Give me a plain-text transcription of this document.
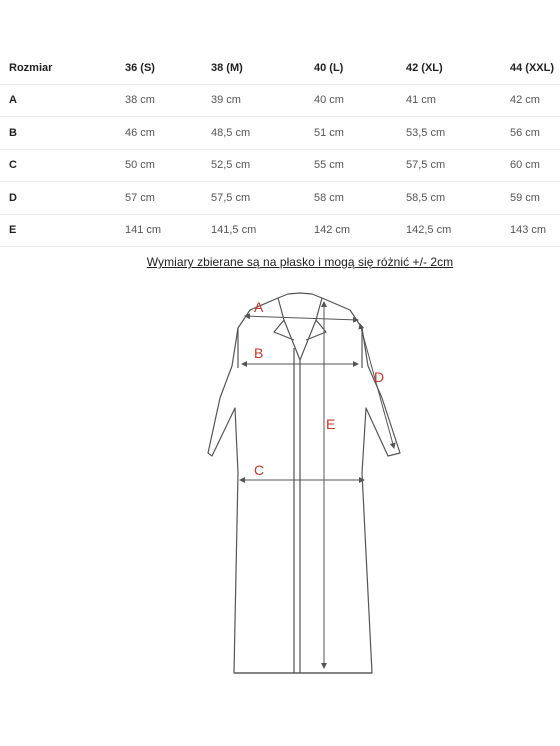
Rozmiar	36 (S)	38 (M)	40 (L)	42 (XL)	44 (XXL)
A	38 cm	39 cm	40 cm	41 cm	42 cm
B	46 cm	48,5 cm	51 cm	53,5 cm	56 cm
C	50 cm	52,5 cm	55 cm	57,5 cm	60 cm
D	57 cm	57,5 cm	58 cm	58,5 cm	59 cm
E	141 cm	141,5 cm	142 cm	142,5 cm	143 cm
Wymiary zbierane są na płasko i mogą się różnić +/- 2cm
A
B
C
D
E
